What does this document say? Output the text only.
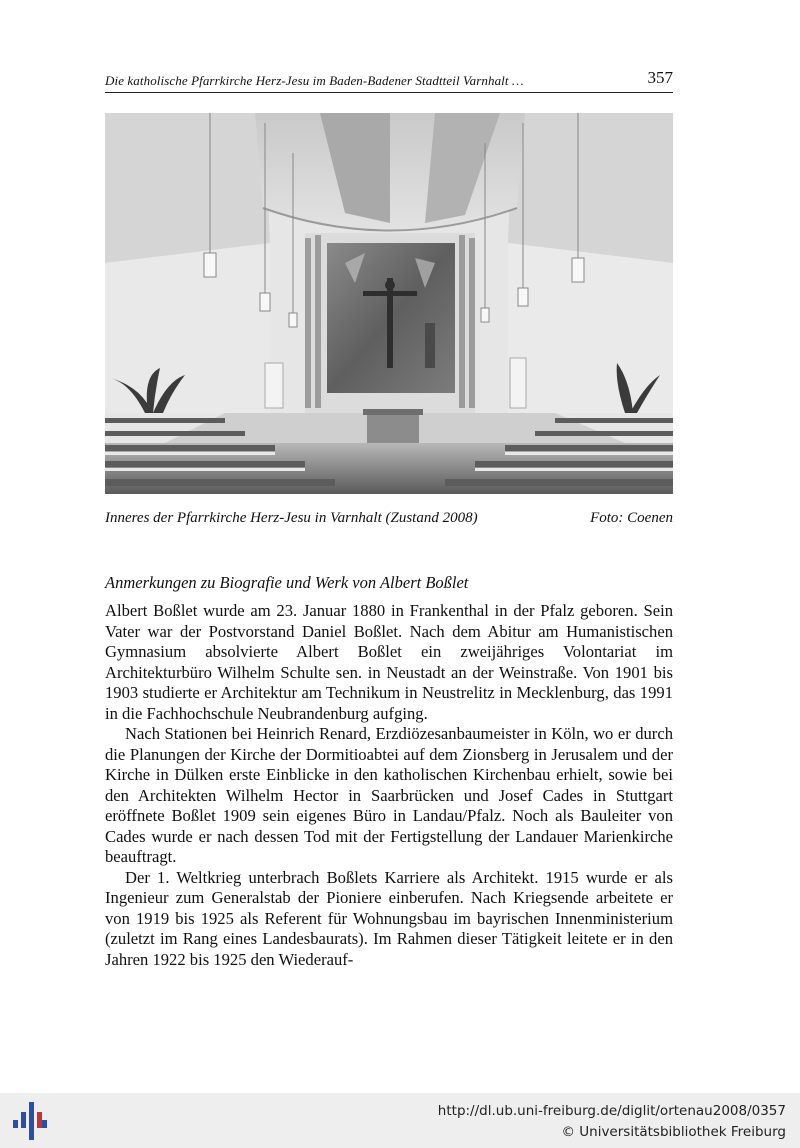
Die katholische Pfarrkirche Herz-Jesu im Baden-Badener Stadtteil Varnhalt …	357
Inneres der Pfarrkirche Herz-Jesu in Varnhalt (Zustand 2008)	Foto: Coenen
Anmerkungen zu Biografie und Werk von Albert Boßlet

Albert Boßlet wurde am 23. Januar 1880 in Frankenthal in der Pfalz geboren. Sein Vater war der Postvorstand Daniel Boßlet. Nach dem Abitur am Humanistischen Gymnasium absolvierte Albert Boßlet ein zweijähriges Volontariat im Architekturbüro Wilhelm Schulte sen. in Neustadt an der Weinstraße. Von 1901 bis 1903 studierte er Architektur am Technikum in Neustrelitz in Mecklenburg, das 1991 in die Fachhochschule Neubrandenburg aufging.

Nach Stationen bei Heinrich Renard, Erzdiözesanbaumeister in Köln, wo er durch die Planungen der Kirche der Dormitioabtei auf dem Zionsberg in Jerusalem und der Kirche in Dülken erste Einblicke in den katholischen Kirchenbau erhielt, sowie bei den Architekten Wilhelm Hector in Saarbrücken und Josef Cades in Stuttgart eröffnete Boßlet 1909 sein eigenes Büro in Landau/Pfalz. Noch als Bauleiter von Cades wurde er nach dessen Tod mit der Fertigstellung der Landauer Marienkirche beauftragt.

Der 1. Weltkrieg unterbrach Boßlets Karriere als Architekt. 1915 wurde er als Ingenieur zum Generalstab der Pioniere einberufen. Nach Kriegsende arbeitete er von 1919 bis 1925 als Referent für Wohnungsbau im bayrischen Innenministerium (zuletzt im Rang eines Landesbaurats). Im Rahmen dieser Tätigkeit leitete er in den Jahren 1922 bis 1925 den Wiederauf-

http://dl.ub.uni-freiburg.de/diglit/ortenau2008/0357
© Universitätsbibliothek Freiburg
